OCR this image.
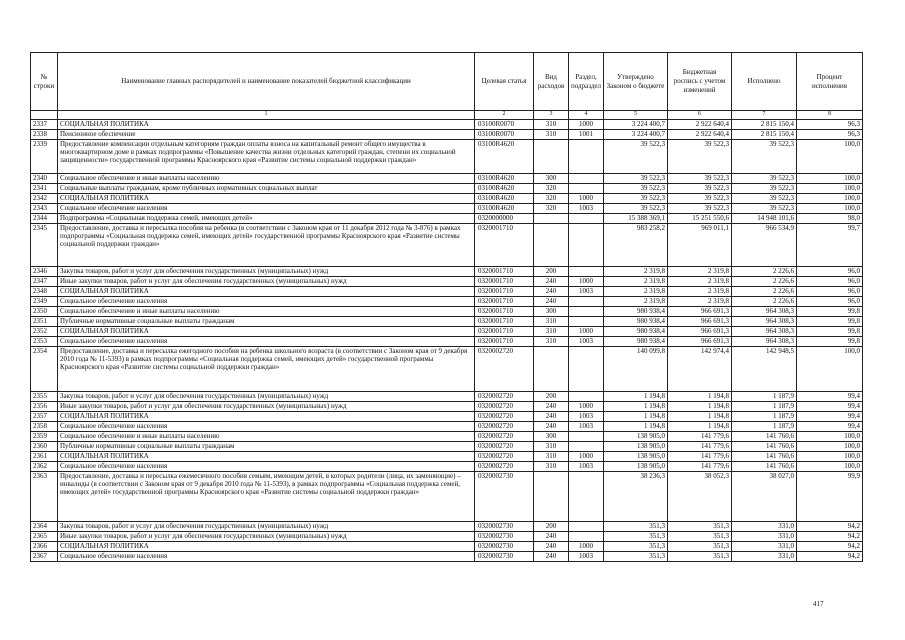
№ строки	Наименование главных распорядителей и наименование показателей бюджетной классификации	Целевая статья	Вид расходов	Раздел, подраздел	Утверждено Законом о бюджете	Бюджетная роспись с учетом изменений	Исполнено	Процент исполнения
	1	2	3	4	5	6	7	8
2337	СОЦИАЛЬНАЯ ПОЛИТИКА	03100R0070	310	1000	3 224 400,7	2 922 640,4	2 815 150,4	96,3
2338	Пенсионное обеспечение	03100R0070	310	1001	3 224 400,7	2 922 640,4	2 815 150,4	96,3
2339	Предоставление компенсации отдельным категориям граждан оплаты взноса на капитальный ремонт общего имущества в многоквартирном доме в рамках подпрограммы «Повышение качества жизни отдельных категорий граждан, степени их социальной защищенности» государственной программы Красноярского края «Развитие системы социальной поддержки граждан»	03100R4620			39 522,3	39 522,3	39 522,3	100,0
2340	Социальное обеспечение и иные выплаты населению	03100R4620	300		39 522,3	39 522,3	39 522,3	100,0
2341	Социальные выплаты гражданам, кроме публичных нормативных социальных выплат	03100R4620	320		39 522,3	39 522,3	39 522,3	100,0
2342	СОЦИАЛЬНАЯ ПОЛИТИКА	03100R4620	320	1000	39 522,3	39 522,3	39 522,3	100,0
2343	Социальное обеспечение населения	03100R4620	320	1003	39 522,3	39 522,3	39 522,3	100,0
2344	Подпрограмма «Социальная поддержка семей, имеющих детей»	0320000000			15 388 369,1	15 251 550,6	14 948 101,6	98,0
2345	Предоставление, доставка и пересылка пособия на ребенка (в соответствии с Законом края от 11 декабря 2012 года № 3-876) в рамках подпрограммы «Социальная поддержка семей, имеющих детей» государственной программы Красноярского края «Развитие системы социальной поддержки граждан»	0320001710			983 258,2	969 011,1	966 534,9	99,7
2346	Закупка товаров, работ и услуг для обеспечения государственных (муниципальных) нужд	0320001710	200		2 319,8	2 319,8	2 226,6	96,0
2347	Иные закупки товаров, работ и услуг для обеспечения государственных (муниципальных) нужд	0320001710	240	1000	2 319,8	2 319,8	2 226,6	96,0
2348	СОЦИАЛЬНАЯ ПОЛИТИКА	0320001710	240	1003	2 319,8	2 319,8	2 226,6	96,0
2349	Социальное обеспечение населения	0320001710	240		2 319,8	2 319,8	2 226,6	96,0
2350	Социальное обеспечение и иные выплаты населению	0320001710	300		980 938,4	966 691,3	964 308,3	99,8
2351	Публичные нормативные социальные выплаты гражданам	0320001710	310		980 938,4	966 691,3	964 308,3	99,8
2352	СОЦИАЛЬНАЯ ПОЛИТИКА	0320001710	310	1000	980 938,4	966 691,3	964 308,3	99,8
2353	Социальное обеспечение населения	0320001710	310	1003	980 938,4	966 691,3	964 308,3	99,8
2354	Предоставление, доставка и пересылка ежегодного пособия на ребенка школьного возраста (в соответствии с Законом края от 9 декабря 2010 года № 11-5393) в рамках подпрограммы «Социальная поддержка семей, имеющих детей» государственной программы Красноярского края «Развитие системы социальной поддержки граждан»	0320002720			140 099,8	142 974,4	142 948,5	100,0
2355	Закупка товаров, работ и услуг для обеспечения государственных (муниципальных) нужд	0320002720	200		1 194,8	1 194,8	1 187,9	99,4
2356	Иные закупки товаров, работ и услуг для обеспечения государственных (муниципальных) нужд	0320002720	240	1000	1 194,8	1 194,8	1 187,9	99,4
2357	СОЦИАЛЬНАЯ ПОЛИТИКА	0320002720	240	1003	1 194,8	1 194,8	1 187,9	99,4
2358	Социальное обеспечение населения	0320002720	240	1003	1 194,8	1 194,8	1 187,9	99,4
2359	Социальное обеспечение и иные выплаты населению	0320002720	300		138 905,0	141 779,6	141 760,6	100,0
2360	Публичные нормативные социальные выплаты гражданам	0320002720	310		138 905,0	141 779,6	141 760,6	100,0
2361	СОЦИАЛЬНАЯ ПОЛИТИКА	0320002720	310	1000	138 905,0	141 779,6	141 760,6	100,0
2362	Социальное обеспечение населения	0320002720	310	1003	138 905,0	141 779,6	141 760,6	100,0
2363	Предоставление, доставка и пересылка ежемесячного пособия семьям, имеющим детей, в которых родители (лица, их заменяющие) – инвалиды (в соответствии с Законом края от 9 декабря 2010 года № 11-5393), в рамках подпрограммы «Социальная поддержка семей, имеющих детей» государственной программы Красноярского края «Развитие системы социальной поддержки граждан»	0320002730			38 236,3	38 052,3	38 027,0	99,9
2364	Закупка товаров, работ и услуг для обеспечения государственных (муниципальных) нужд	0320002730	200		351,3	351,3	331,0	94,2
2365	Иные закупки товаров, работ и услуг для обеспечения государственных (муниципальных) нужд	0320002730	240		351,3	351,3	331,0	94,2
2366	СОЦИАЛЬНАЯ ПОЛИТИКА	0320002730	240	1000	351,3	351,3	331,0	94,2
2367	Социальное обеспечение населения	0320002730	240	1003	351,3	351,3	331,0	94,2
417
